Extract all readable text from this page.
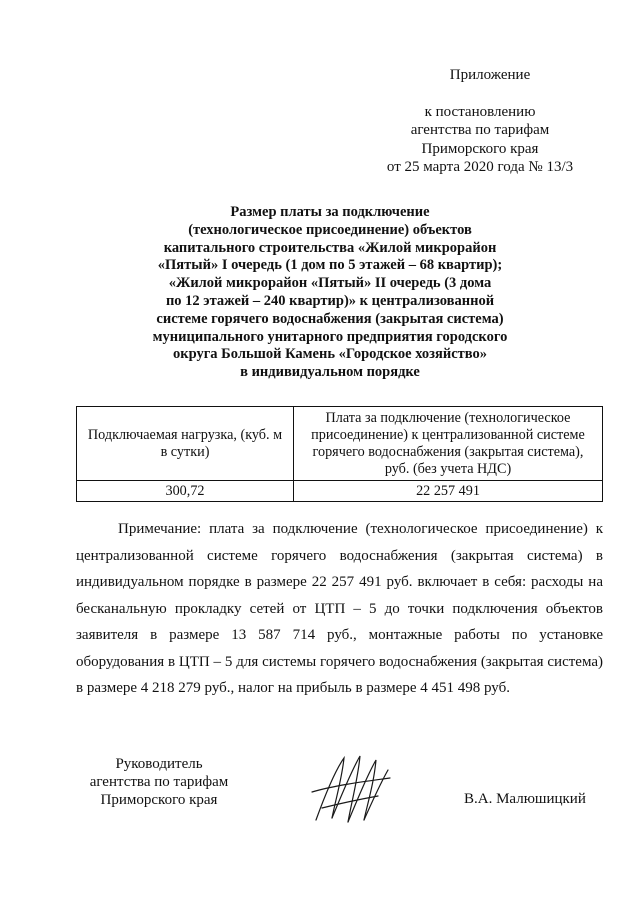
Приложение
к постановлению
агентства по тарифам
Приморского края
от 25 марта 2020 года № 13/3
Размер платы за подключение
(технологическое присоединение) объектов
капитального строительства «Жилой микрорайон
«Пятый» I очередь (1 дом по 5 этажей – 68 квартир);
«Жилой микрорайон «Пятый» II очередь (3 дома
по 12 этажей – 240 квартир)» к централизованной
системе горячего водоснабжения (закрытая система)
муниципального унитарного предприятия городского
округа Большой Камень «Городское хозяйство»
в индивидуальном порядке
Подключаемая нагрузка, (куб. м в сутки)	Плата за подключение (технологическое присоединение) к централизованной системе горячего водоснабжения (закрытая система), руб. (без учета НДС)
300,72	22 257 491

Примечание: плата за подключение (технологическое присоединение) к централизованной системе горячего водоснабжения (закрытая система) в индивидуальном порядке в размере 22 257 491 руб. включает в себя: расходы на бесканальную прокладку сетей от ЦТП – 5 до точки подключения объектов заявителя в размере 13 587 714 руб., монтажные работы по установке оборудования в ЦТП – 5 для системы горячего водоснабжения (закрытая система) в размере 4 218 279 руб., налог на прибыль в размере 4 451 498 руб.

Руководитель
агентства по тарифам
Приморского края	В.А. Малюшицкий
